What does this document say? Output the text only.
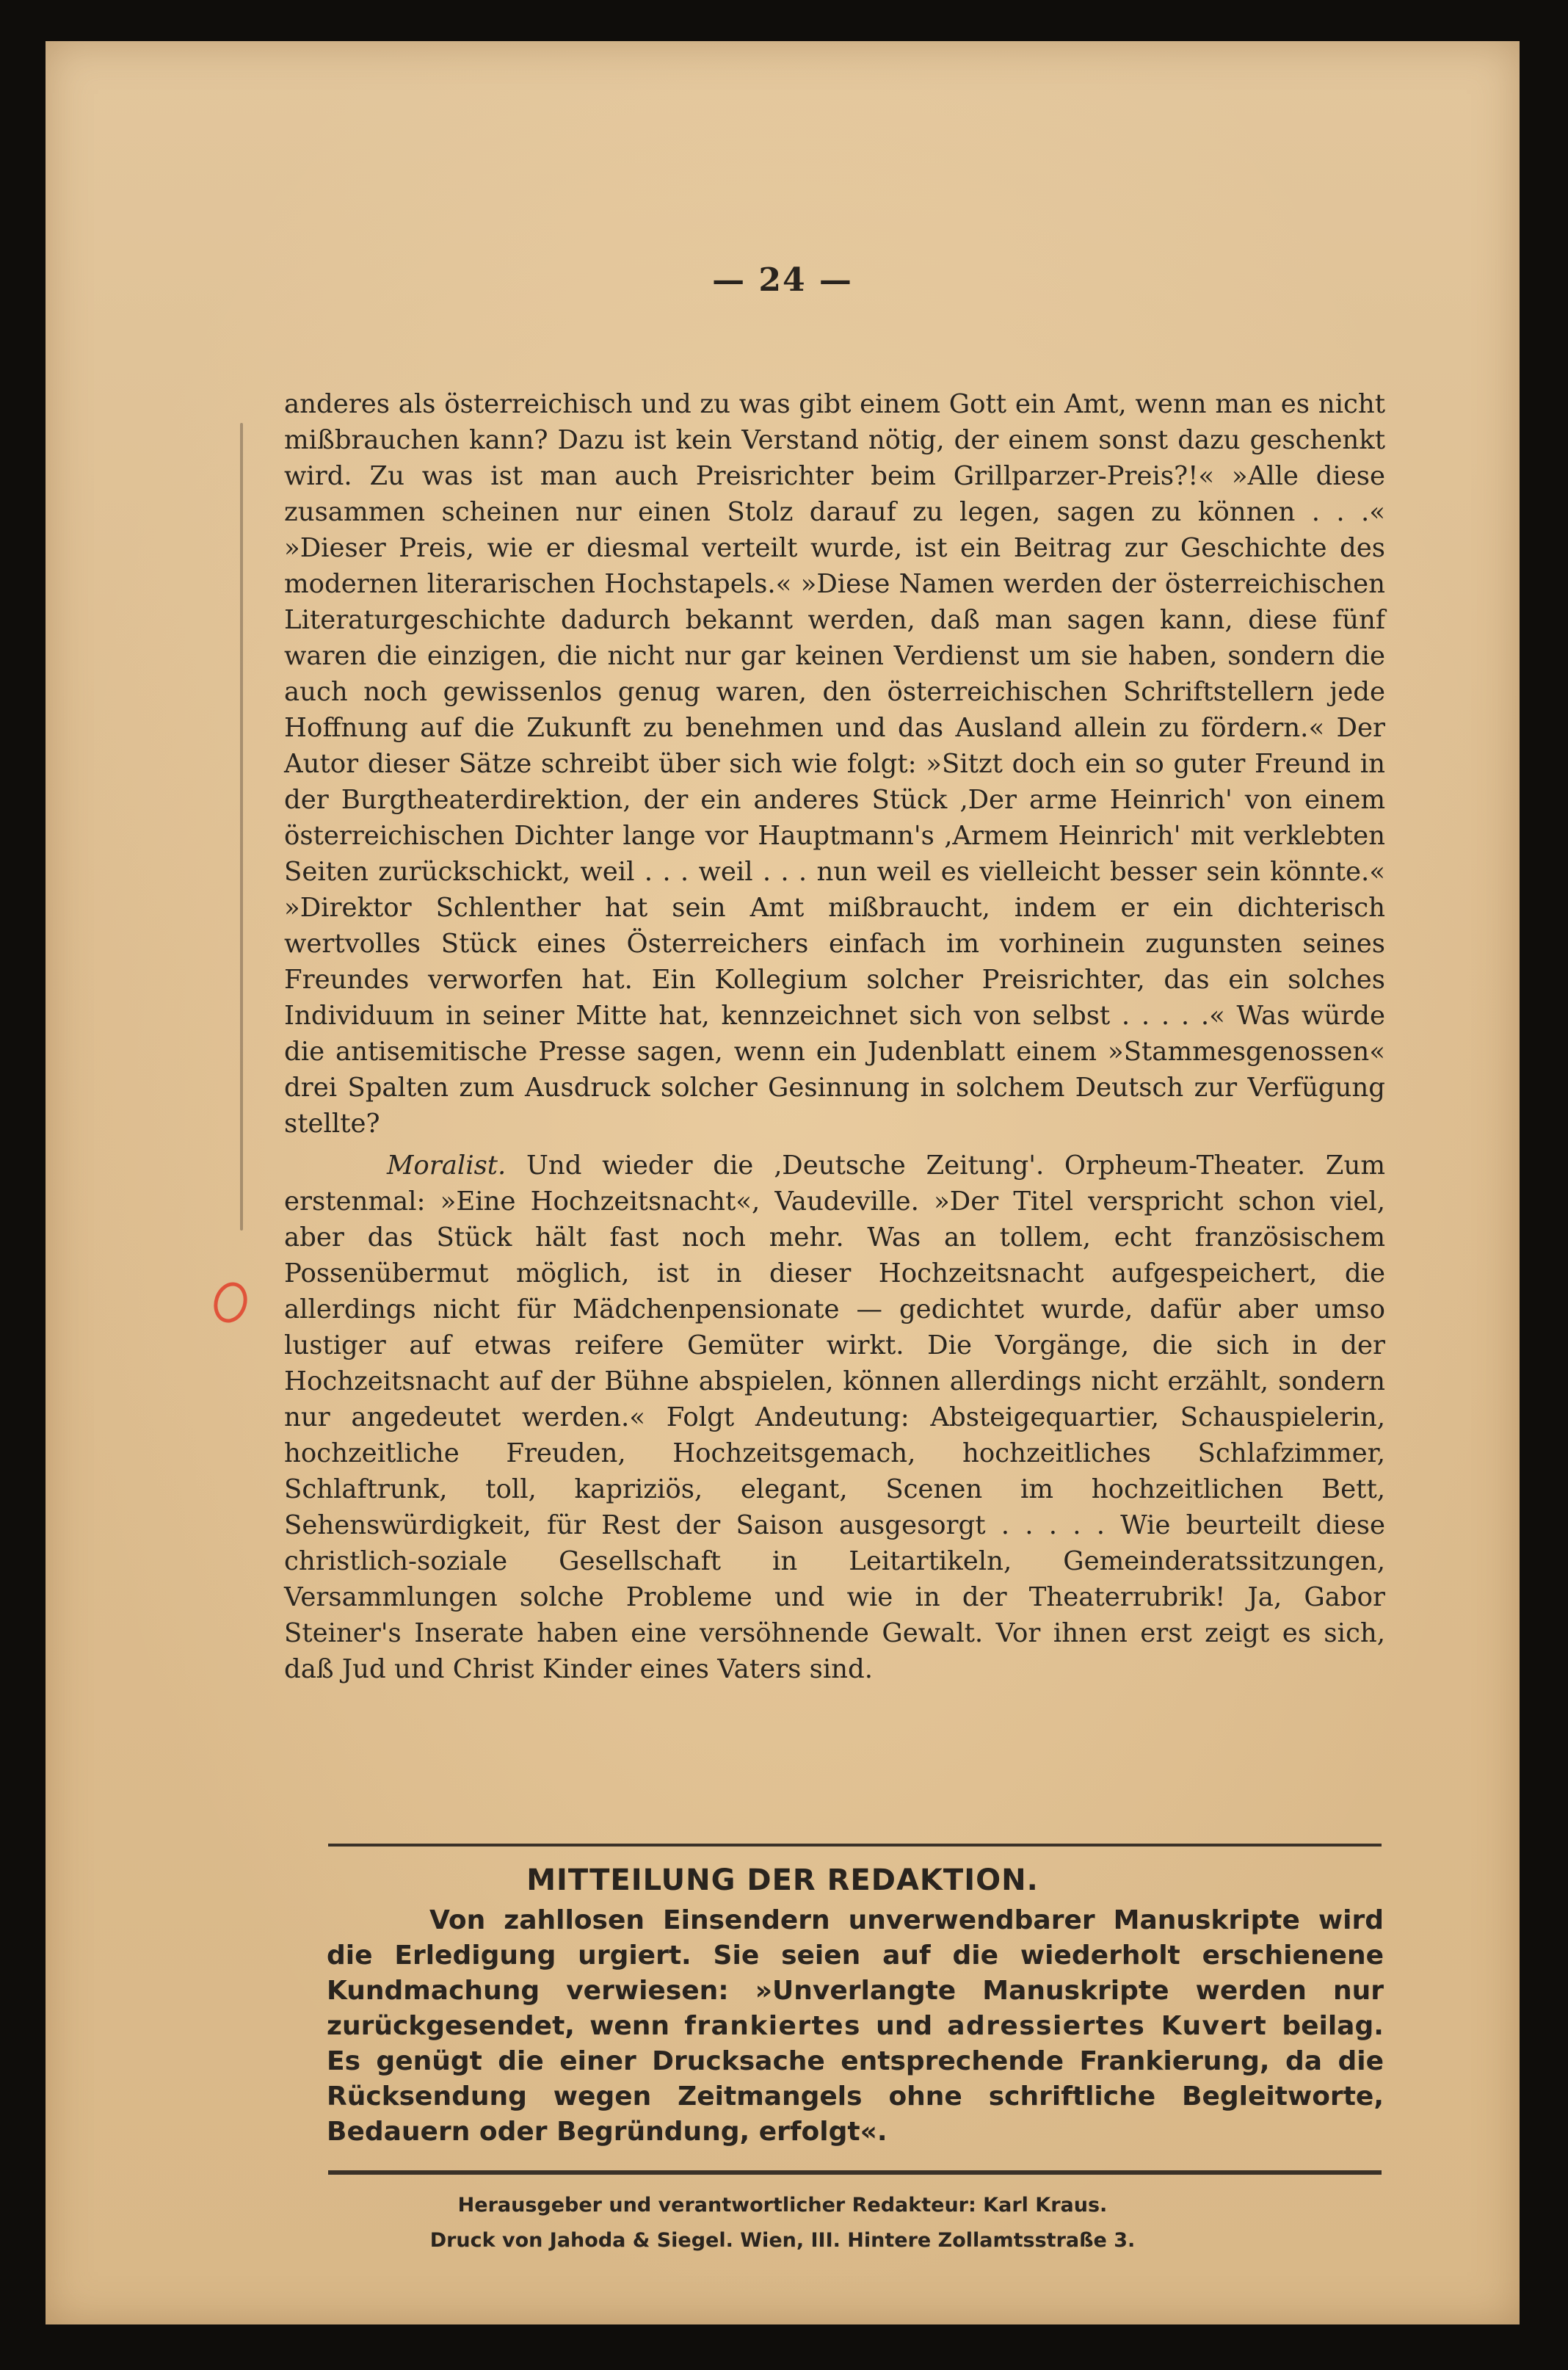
— 24 —

anderes als österreichisch und zu was gibt einem Gott ein Amt, wenn man es nicht mißbrauchen kann? Dazu ist kein Verstand nötig, der einem sonst dazu geschenkt wird. Zu was ist man auch Preisrichter beim Grillparzer-Preis?!« »Alle diese zusammen scheinen nur einen Stolz darauf zu legen, sagen zu können . . .« »Dieser Preis, wie er diesmal verteilt wurde, ist ein Beitrag zur Geschichte des modernen literarischen Hochstapels.« »Diese Namen werden der österreichischen Literaturgeschichte dadurch bekannt werden, daß man sagen kann, diese fünf waren die einzigen, die nicht nur gar keinen Verdienst um sie haben, sondern die auch noch gewissenlos genug waren, den österreichischen Schriftstellern jede Hoffnung auf die Zukunft zu benehmen und das Ausland allein zu fördern.« Der Autor dieser Sätze schreibt über sich wie folgt: »Sitzt doch ein so guter Freund in der Burgtheaterdirektion, der ein anderes Stück ‚Der arme Heinrich' von einem österreichischen Dichter lange vor Hauptmann's ‚Armem Heinrich' mit verklebten Seiten zurückschickt, weil . . . weil . . . nun weil es vielleicht besser sein könnte.« »Direktor Schlenther hat sein Amt mißbraucht, indem er ein dichterisch wertvolles Stück eines Österreichers einfach im vorhinein zugunsten seines Freundes verworfen hat. Ein Kollegium solcher Preisrichter, das ein solches Individuum in seiner Mitte hat, kennzeichnet sich von selbst . . . . .« Was würde die antisemitische Presse sagen, wenn ein Judenblatt einem »Stammesgenossen« drei Spalten zum Ausdruck solcher Gesinnung in solchem Deutsch zur Verfügung stellte?

Moralist. Und wieder die ‚Deutsche Zeitung'. Orpheum-Theater. Zum erstenmal: »Eine Hochzeitsnacht«, Vaudeville. »Der Titel verspricht schon viel, aber das Stück hält fast noch mehr. Was an tollem, echt französischem Possenübermut möglich, ist in dieser Hochzeitsnacht aufgespeichert, die allerdings nicht für Mädchenpensionate — gedichtet wurde, dafür aber umso lustiger auf etwas reifere Gemüter wirkt. Die Vorgänge, die sich in der Hochzeitsnacht auf der Bühne abspielen, können allerdings nicht erzählt, sondern nur angedeutet werden.« Folgt Andeutung: Absteigequartier, Schauspielerin, hochzeitliche Freuden, Hochzeitsgemach, hochzeitliches Schlafzimmer, Schlaftrunk, toll, kapriziös, elegant, Scenen im hochzeitlichen Bett, Sehenswürdigkeit, für Rest der Saison ausgesorgt . . . . . Wie beurteilt diese christlich-soziale Gesellschaft in Leitartikeln, Gemeinderatssitzungen, Versammlungen solche Probleme und wie in der Theaterrubrik! Ja, Gabor Steiner's Inserate haben eine versöhnende Gewalt. Vor ihnen erst zeigt es sich, daß Jud und Christ Kinder eines Vaters sind.

MITTEILUNG DER REDAKTION.
Von zahllosen Einsendern unverwendbarer Manuskripte wird die Erledigung urgiert. Sie seien auf die wiederholt erschienene Kundmachung verwiesen: »Unverlangte Manuskripte werden nur zurückgesendet, wenn frankiertes und adressiertes Kuvert beilag. Es genügt die einer Drucksache entsprechende Frankierung, da die Rücksendung wegen Zeitmangels ohne schriftliche Begleitworte, Bedauern oder Begründung, erfolgt«.
Herausgeber und verantwortlicher Redakteur: Karl Kraus.
Druck von Jahoda & Siegel. Wien, III. Hintere Zollamtsstraße 3.
